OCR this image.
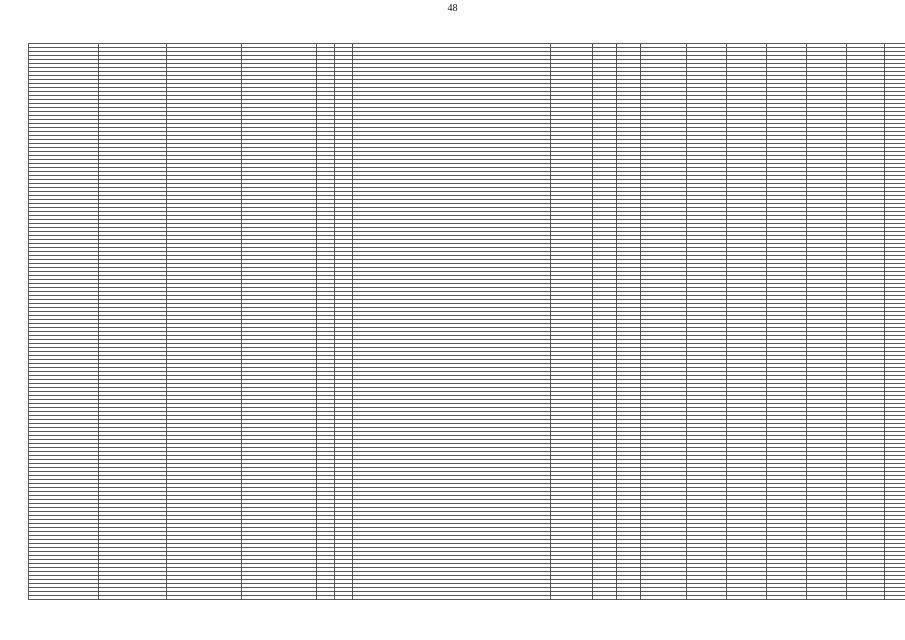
48
